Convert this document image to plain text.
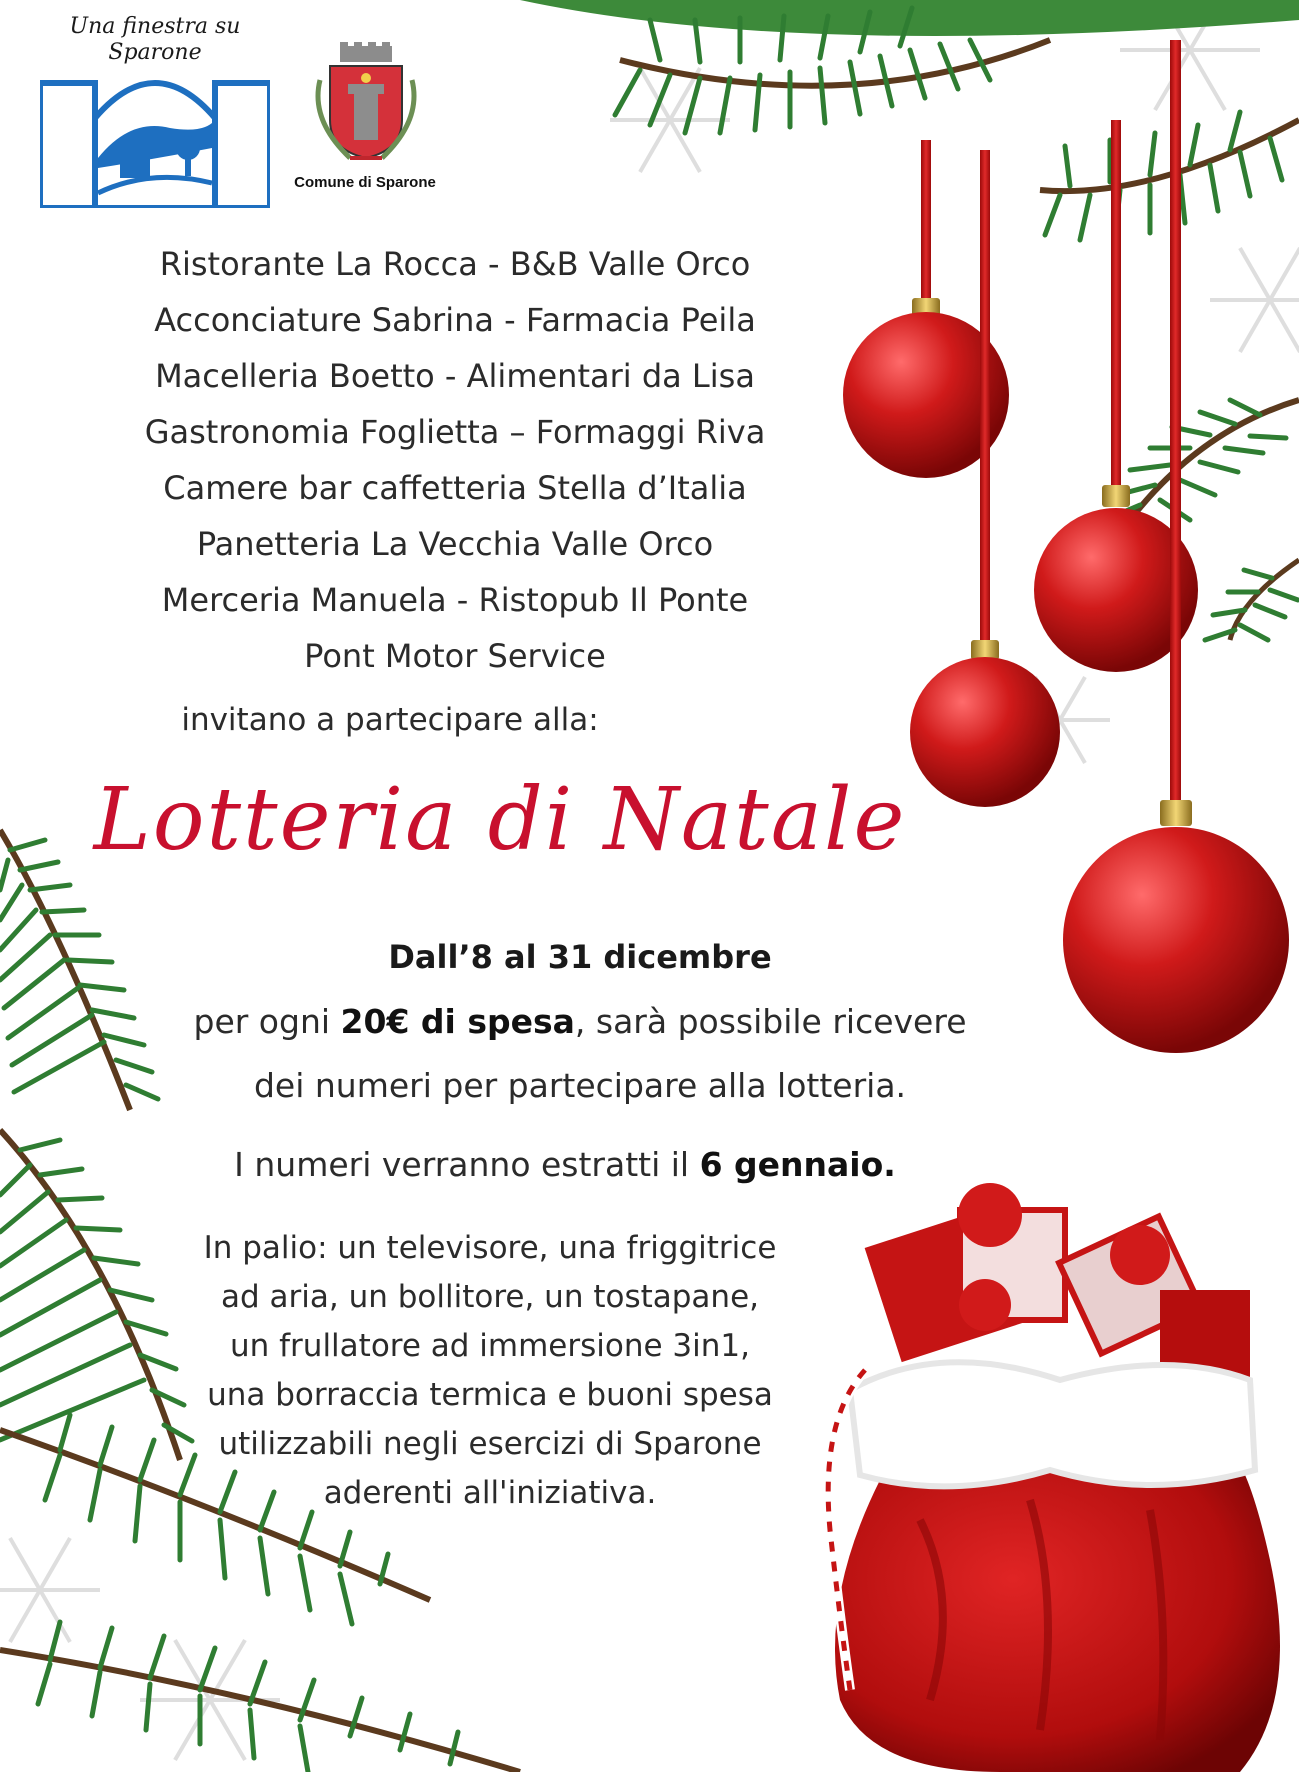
Una finestra su
Sparone
Comune di Sparone
Ristorante La Rocca - B&B Valle Orco
Acconciature Sabrina - Farmacia Peila
Macelleria Boetto - Alimentari da Lisa
Gastronomia Foglietta – Formaggi Riva
Camere bar caffetteria Stella d’Italia
Panetteria La Vecchia Valle Orco
Merceria Manuela - Ristopub Il Ponte
Pont Motor Service
invitano a partecipare alla:
Lotteria di Natale
Dall’8 al 31 dicembre
per ogni 20€ di spesa, sarà possibile ricevere
dei numeri per partecipare alla lotteria.
I numeri verranno estratti il 6 gennaio.
In palio: un televisore, una friggitrice
ad aria, un bollitore, un tostapane,
un frullatore ad immersione 3in1,
una borraccia termica e buoni spesa
utilizzabili negli esercizi di Sparone
aderenti all'iniziativa.
